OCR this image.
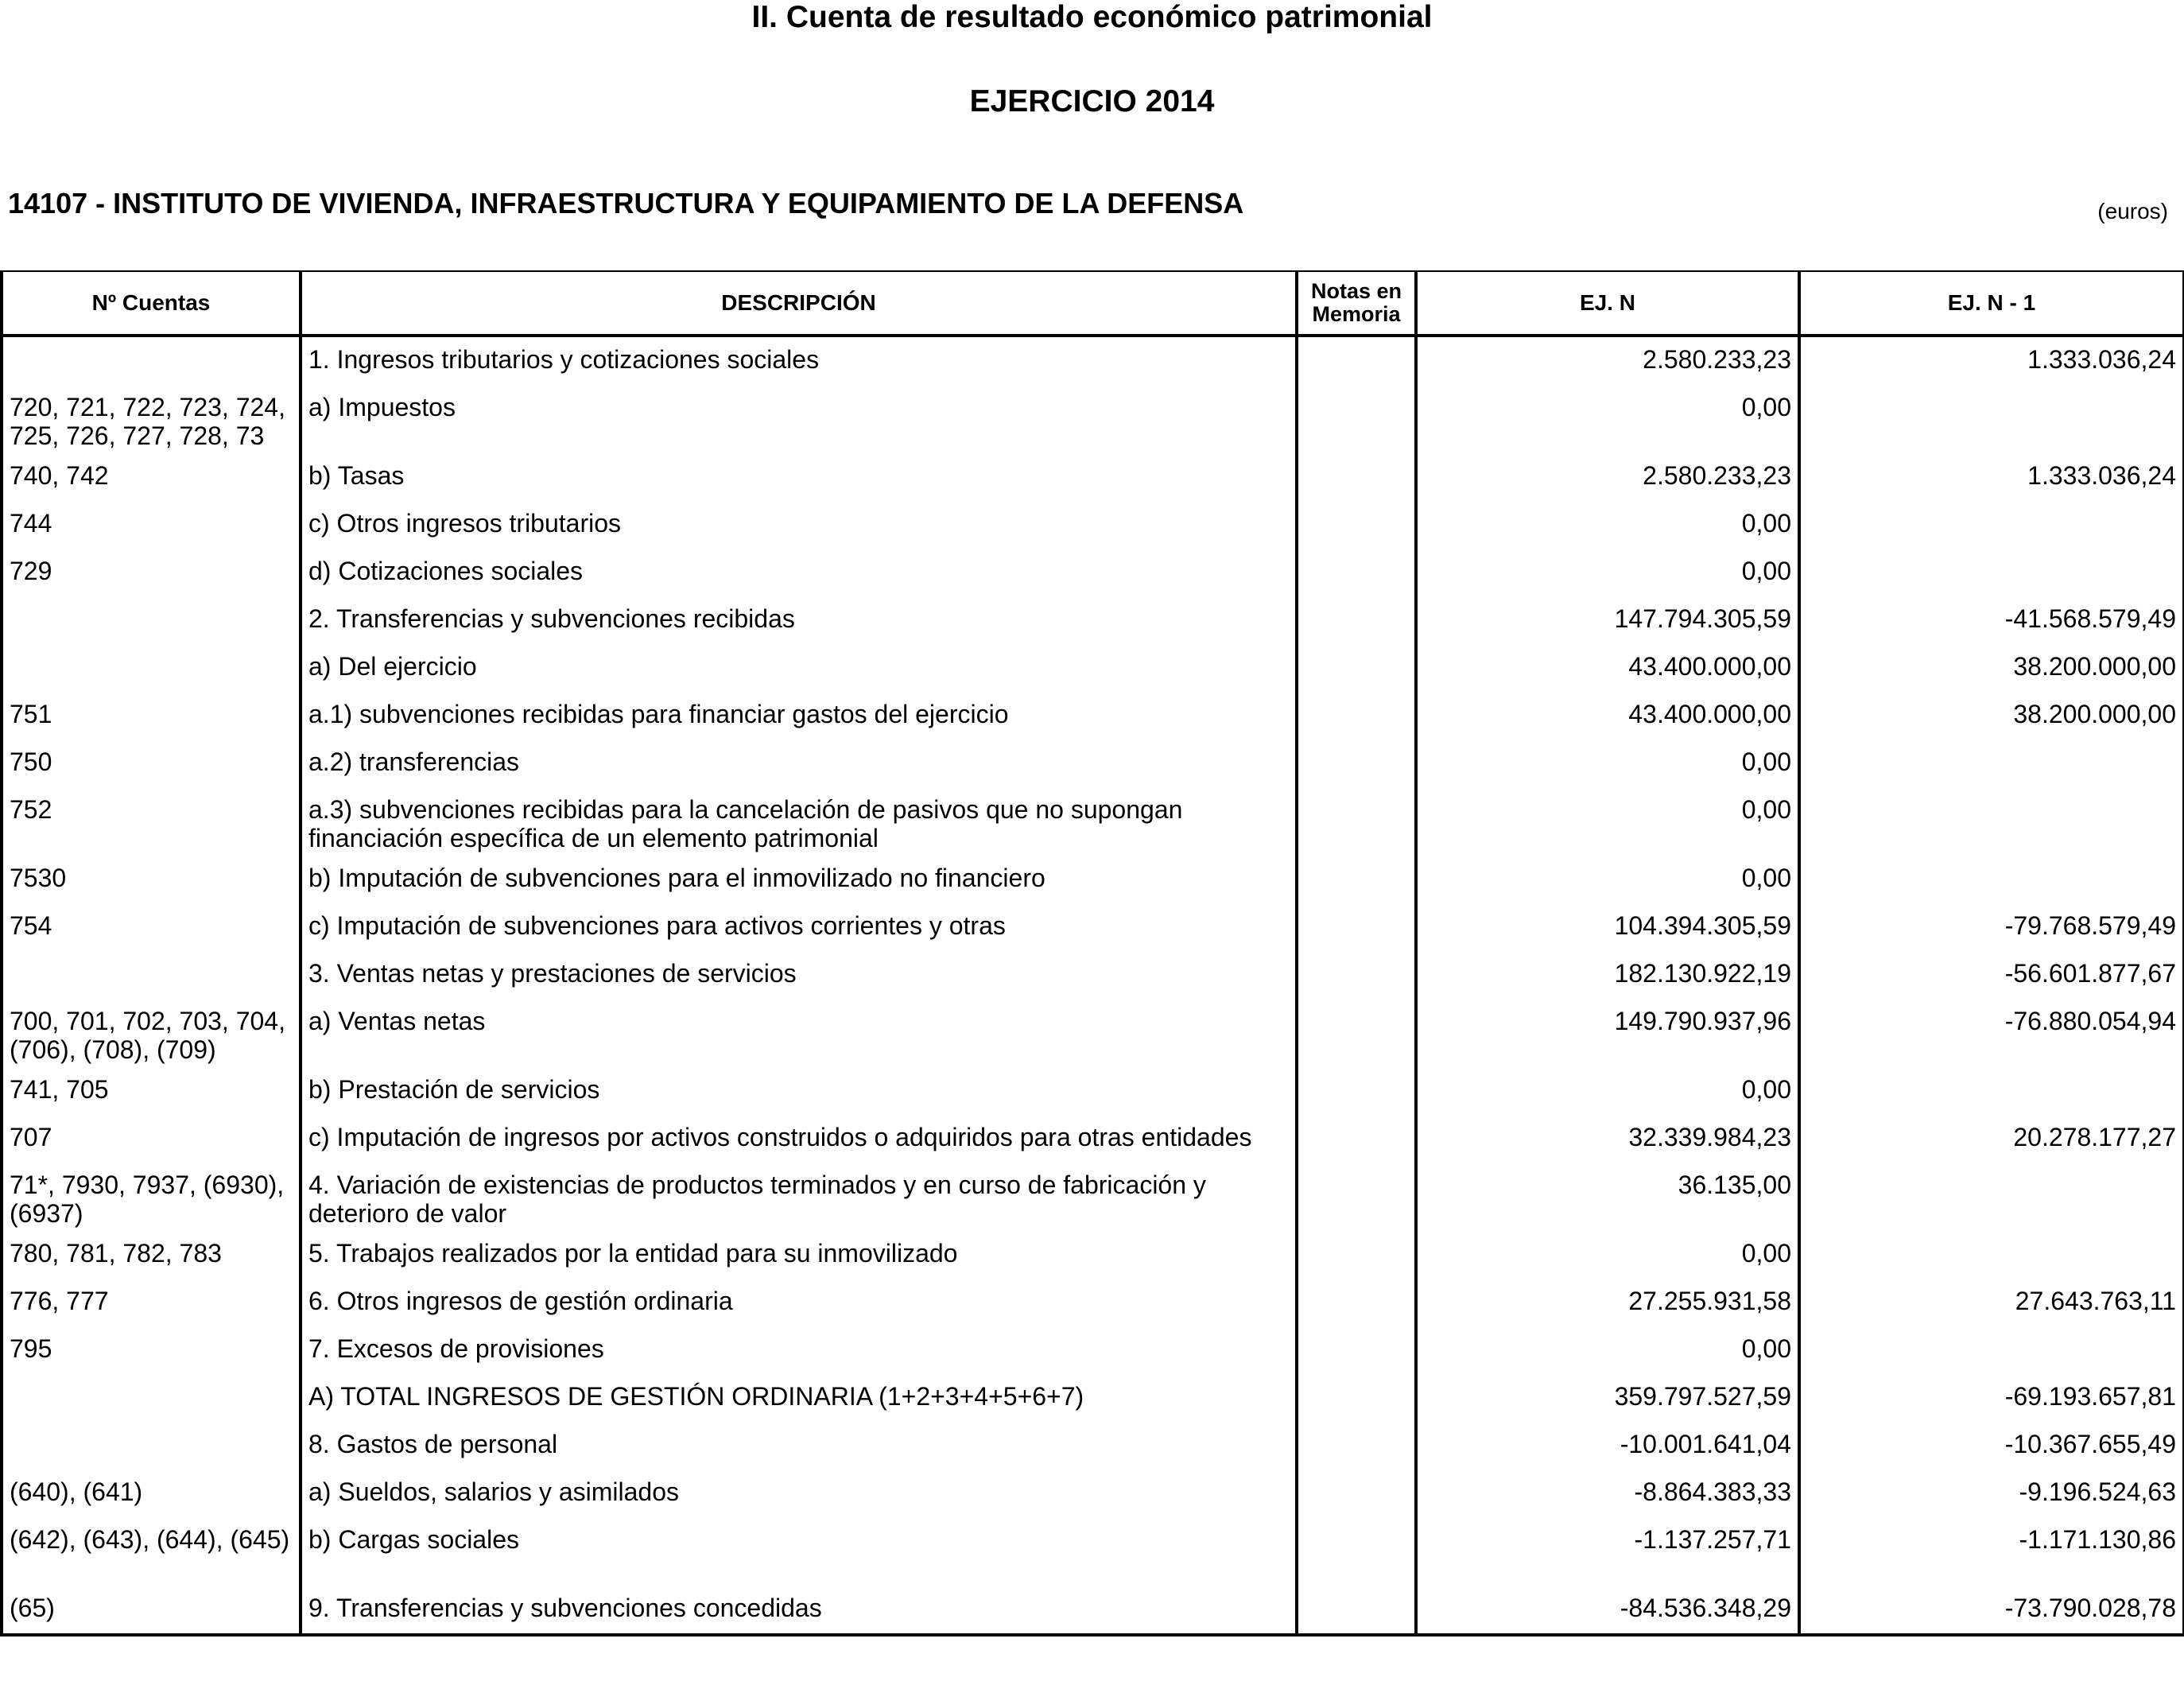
II. Cuenta de resultado económico patrimonial
EJERCICIO 2014
14107 - INSTITUTO DE VIVIENDA, INFRAESTRUCTURA Y EQUIPAMIENTO DE LA DEFENSA	(euros)
Nº Cuentas	DESCRIPCIÓN	Notas en Memoria	EJ. N	EJ. N - 1
	1. Ingresos tributarios y cotizaciones sociales		2.580.233,23	1.333.036,24
720, 721, 722, 723, 724, 725, 726, 727, 728, 73	a) Impuestos		0,00	
740, 742	b) Tasas		2.580.233,23	1.333.036,24
744	c) Otros ingresos tributarios		0,00	
729	d) Cotizaciones sociales		0,00	
	2. Transferencias y subvenciones recibidas		147.794.305,59	-41.568.579,49
	a) Del ejercicio		43.400.000,00	38.200.000,00
751	a.1) subvenciones recibidas para financiar gastos del ejercicio		43.400.000,00	38.200.000,00
750	a.2) transferencias		0,00	
752	a.3) subvenciones recibidas para la cancelación de pasivos que no supongan financiación específica de un elemento patrimonial		0,00	
7530	b) Imputación de subvenciones para el inmovilizado no financiero		0,00	
754	c) Imputación de subvenciones para activos corrientes y otras		104.394.305,59	-79.768.579,49
	3. Ventas netas y prestaciones de servicios		182.130.922,19	-56.601.877,67
700, 701, 702, 703, 704, (706), (708), (709)	a) Ventas netas		149.790.937,96	-76.880.054,94
741, 705	b) Prestación de servicios		0,00	
707	c) Imputación de ingresos por activos construidos o adquiridos para otras entidades		32.339.984,23	20.278.177,27
71*, 7930, 7937, (6930), (6937)	4. Variación de existencias de productos terminados y en curso de fabricación y deterioro de valor		36.135,00	
780, 781, 782, 783	5. Trabajos realizados por la entidad para su inmovilizado		0,00	
776, 777	6. Otros ingresos de gestión ordinaria		27.255.931,58	27.643.763,11
795	7. Excesos de provisiones		0,00	
	A) TOTAL INGRESOS DE GESTIÓN ORDINARIA (1+2+3+4+5+6+7)		359.797.527,59	-69.193.657,81
	8. Gastos de personal		-10.001.641,04	-10.367.655,49
(640), (641)	a) Sueldos, salarios y asimilados		-8.864.383,33	-9.196.524,63
(642), (643), (644), (645)	b) Cargas sociales		-1.137.257,71	-1.171.130,86
(65)	9. Transferencias y subvenciones concedidas		-84.536.348,29	-73.790.028,78
